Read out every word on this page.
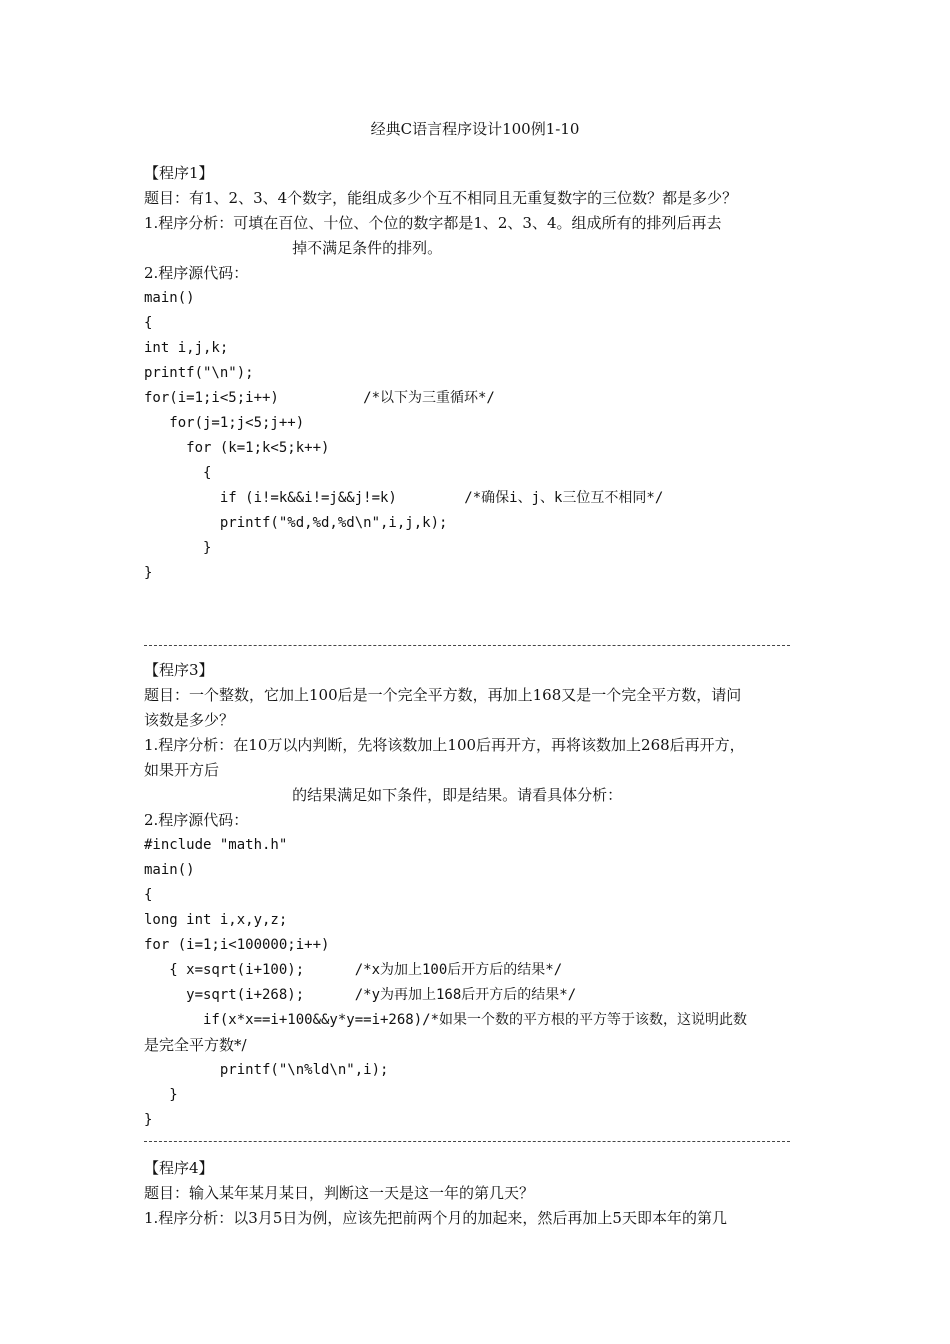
经典C语言程序设计100例1-10
【程序1】
题目：有1、2、3、4个数字，能组成多少个互不相同且无重复数字的三位数？都是多少？
1.程序分析：可填在百位、十位、个位的数字都是1、2、3、4。组成所有的排列后再去
掉不满足条件的排列。
2.程序源代码：
main()
{
int i,j,k;
printf("\n");
for(i=1;i<5;i++)          /*以下为三重循环*/
for(j=1;j<5;j++)
for (k=1;k<5;k++)
{
if (i!=k&&i!=j&&j!=k)        /*确保i、j、k三位互不相同*/
printf("%d,%d,%d\n",i,j,k);
}
}
【程序3】
题目：一个整数，它加上100后是一个完全平方数，再加上168又是一个完全平方数，请问
该数是多少？
1.程序分析：在10万以内判断，先将该数加上100后再开方，再将该数加上268后再开方，
如果开方后
的结果满足如下条件，即是结果。请看具体分析：
2.程序源代码：
#include "math.h"
main()
{
long int i,x,y,z;
for (i=1;i<100000;i++)
{ x=sqrt(i+100);      /*x为加上100后开方后的结果*/
y=sqrt(i+268);      /*y为再加上168后开方后的结果*/
if(x*x==i+100&&y*y==i+268)/*如果一个数的平方根的平方等于该数，这说明此数
是完全平方数*/
printf("\n%ld\n",i);
}
}
【程序4】
题目：输入某年某月某日，判断这一天是这一年的第几天？
1.程序分析：以3月5日为例，应该先把前两个月的加起来，然后再加上5天即本年的第几
